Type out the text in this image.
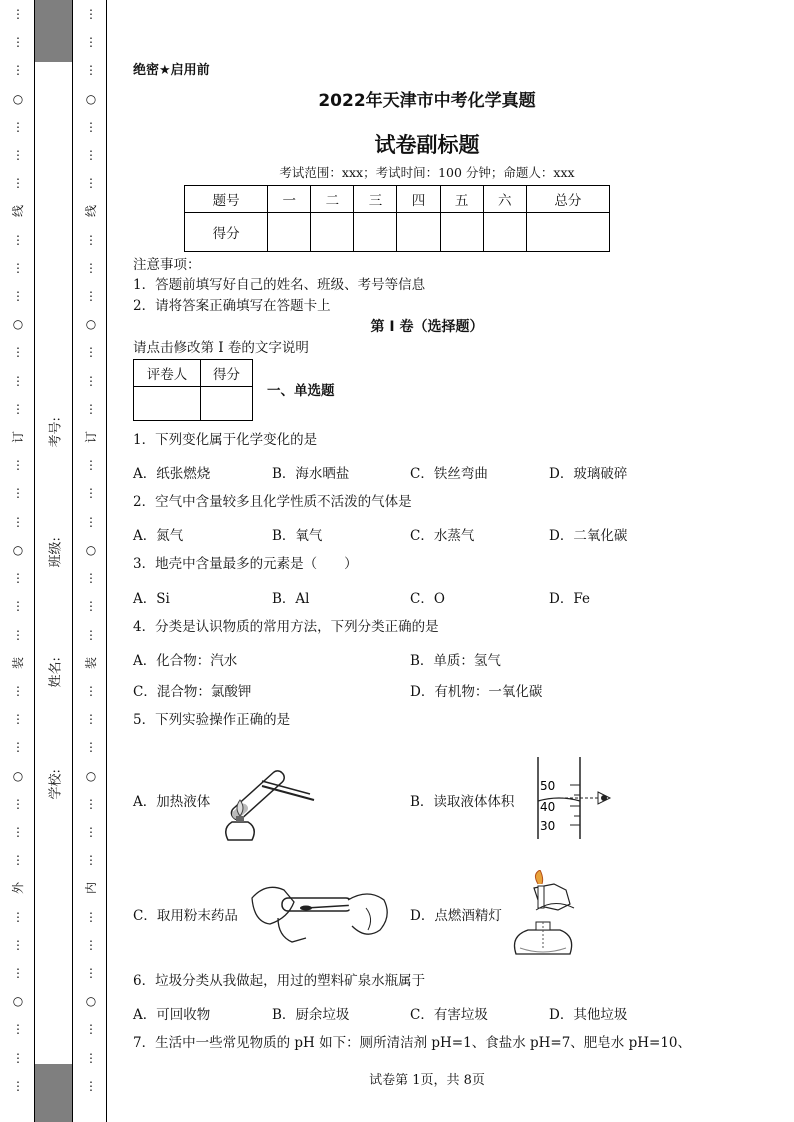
⋮
⋮
⋮
○
⋮
⋮
⋮
线
⋮
⋮
⋮
○
⋮
⋮
⋮
订
⋮
⋮
⋮
○
⋮
⋮
⋮
装
⋮
⋮
⋮
○
⋮
⋮
⋮
外
⋮
⋮
⋮
○
⋮
⋮
⋮
⋮
⋮
⋮
○
⋮
⋮
⋮
线
⋮
⋮
⋮
○
⋮
⋮
⋮
订
⋮
⋮
⋮
○
⋮
⋮
⋮
装
⋮
⋮
⋮
○
⋮
⋮
⋮
内
⋮
⋮
⋮
○
⋮
⋮
⋮
考号:
班级:
姓名:
学校:
绝密★启用前
2022年天津市中考化学真题
试卷副标题
考试范围：xxx；考试时间：100 分钟；命题人：xxx
题号	一	二	三	四	五	六	总分
得分							
注意事项：
1．答题前填写好自己的姓名、班级、考号等信息
2．请将答案正确填写在答题卡上
第 I 卷（选择题）
请点击修改第 I 卷的文字说明
评卷人	得分

一、单选题
1．下列变化属于化学变化的是
A．纸张燃烧	B．海水晒盐	C．铁丝弯曲	D．玻璃破碎
2．空气中含量较多且化学性质不活泼的气体是
A．氮气	B．氧气	C．水蒸气	D．二氧化碳
3．地壳中含量最多的元素是（　　）
A．Si	B．Al	C．O	D．Fe
4．分类是认识物质的常用方法，下列分类正确的是
A．化合物：汽水	B．单质：氢气
C．混合物：氯酸钾	D．有机物：一氧化碳
5．下列实验操作正确的是
A．加热液体	B．读取液体体积
50
40
30
C．取用粉末药品	D．点燃酒精灯
6．垃圾分类从我做起，用过的塑料矿泉水瓶属于
A．可回收物	B．厨余垃圾	C．有害垃圾	D．其他垃圾
7．生活中一些常见物质的 pH 如下：厕所清洁剂 pH=1、食盐水 pH=7、肥皂水 pH=10、
试卷第 1页，共 8页
